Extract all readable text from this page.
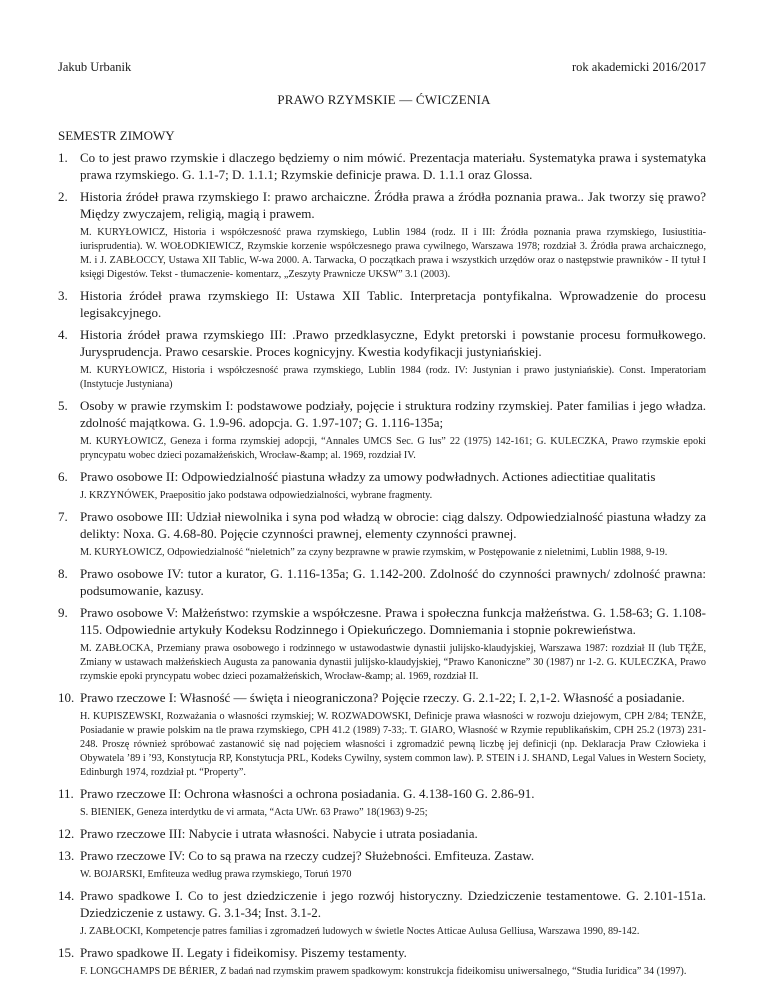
Jakub Urbanik	rok akademicki 2016/2017
PRAWO RZYMSKIE — ĆWICZENIA
SEMESTR ZIMOWY
1. Co to jest prawo rzymskie i dlaczego będziemy o nim mówić. Prezentacja materiału. Systematyka prawa i systematyka prawa rzymskiego. G. 1.1-7; D. 1.1.1; Rzymskie definicje prawa. D. 1.1.1 oraz Glossa.
2. Historia źródeł prawa rzymskiego I: prawo archaiczne. Źródła prawa a źródła poznania prawa.. Jak tworzy się prawo? Między zwyczajem, religią, magią i prawem.
M. KURYŁOWICZ, Historia i współczesność prawa rzymskiego, Lublin 1984 (rodz. II i III: Źródła poznania prawa rzymskiego, Iusiustitia-iurisprudentia). W. WOŁODKIEWICZ, Rzymskie korzenie współczesnego prawa cywilnego, Warszawa 1978; rozdział 3. Źródła prawa archaicznego, M. i J. ZABŁOCCY, Ustawa XII Tablic, W-wa 2000. A. Tarwacka, O początkach prawa i wszystkich urzędów oraz o następstwie prawników - II tytuł I księgi Digestów. Tekst - tłumaczenie- komentarz, „Zeszyty Prawnicze UKSW” 3.1 (2003).
3. Historia źródeł prawa rzymskiego II: Ustawa XII Tablic. Interpretacja pontyfikalna. Wprowadzenie do procesu legisakcyjnego.
4. Historia źródeł prawa rzymskiego III: .Prawo przedklasyczne, Edykt pretorski i powstanie procesu formułkowego. Jurysprudencja. Prawo cesarskie. Proces kognicyjny. Kwestia kodyfikacji justyniańskiej.
M. KURYŁOWICZ, Historia i współczesność prawa rzymskiego, Lublin 1984 (rodz. IV: Justynian i prawo justyniańskie). Const. Imperatoriam (Instytucje Justyniana)
5. Osoby w prawie rzymskim I: podstawowe podziały, pojęcie i struktura rodziny rzymskiej. Pater familias i jego władza. zdolność majątkowa. G. 1.9-96. adopcja. G. 1.97-107; G. 1.116-135a;
M. KURYŁOWICZ, Geneza i forma rzymskiej adopcji, “Annales UMCS Sec. G Ius” 22 (1975) 142-161; G. KULECZKA, Prawo rzymskie epoki pryncypatu wobec dzieci pozamałżeńskich, Wrocław-&amp; al. 1969, rozdział IV.
6. Prawo osobowe II: Odpowiedzialność piastuna władzy za umowy podwładnych. Actiones adiectitiae qualitatis
J. KRZYNÓWEK, Praepositio jako podstawa odpowiedzialności, wybrane fragmenty.
7. Prawo osobowe III: Udział niewolnika i syna pod władzą w obrocie: ciąg dalszy. Odpowiedzialność piastuna władzy za delikty: Noxa. G. 4.68-80. Pojęcie czynności prawnej, elementy czynności prawnej.
M. KURYŁOWICZ, Odpowiedzialność “nieletnich” za czyny bezprawne w prawie rzymskim, w Postępowanie z nieletnimi, Lublin 1988, 9-19.
8. Prawo osobowe IV: tutor a kurator, G. 1.116-135a; G. 1.142-200. Zdolność do czynności prawnych/ zdolność prawna: podsumowanie, kazusy.
9. Prawo osobowe V: Małżeństwo: rzymskie a współczesne. Prawa i społeczna funkcja małżeństwa. G. 1.58-63; G. 1.108-115. Odpowiednie artykuły Kodeksu Rodzinnego i Opiekuńczego. Domniemania i stopnie pokrewieństwa.
M. ZABŁOCKA, Przemiany prawa osobowego i rodzinnego w ustawodastwie dynastii julijsko-klaudyjskiej, Warszawa 1987: rozdział II (lub TĘŻE, Zmiany w ustawach małżeńskiech Augusta za panowania dynastii julijsko-klaudyjskiej, “Prawo Kanoniczne” 30 (1987) nr 1-2. G. KULECZKA, Prawo rzymskie epoki pryncypatu wobec dzieci pozamałżeńskich, Wrocław-&amp; al. 1969, rozdział II.
10. Prawo rzeczowe I: Własność — święta i nieograniczona? Pojęcie rzeczy. G. 2.1-22; I. 2,1-2. Własność a posiadanie.
H. KUPISZEWSKI, Rozważania o własności rzymskiej; W. ROZWADOWSKI, Definicje prawa własności w rozwoju dziejowym, CPH 2/84; TENŻE, Posiadanie w prawie polskim na tle prawa rzymskiego, CPH 41.2 (1989) 7-33;. T. GIARO, Własność w Rzymie republikańskim, CPH 25.2 (1973) 231-248. Proszę również spróbować zastanowić się nad pojęciem własności i zgromadzić pewną liczbę jej definicji (np. Deklaracja Praw Człowieka i Obywatela ’89 i ’93, Konstytucja RP, Konstytucja PRL, Kodeks Cywilny, system common law). P. STEIN i J. SHAND, Legal Values in Western Society, Edinburgh 1974, rozdział pt. “Property”.
11. Prawo rzeczowe II: Ochrona własności a ochrona posiadania. G. 4.138-160 G. 2.86-91.
S. BIENIEK, Geneza interdytku de vi armata, “Acta UWr. 63 Prawo” 18(1963) 9-25;
12. Prawo rzeczowe III: Nabycie i utrata własności. Nabycie i utrata posiadania.
13. Prawo rzeczowe IV: Co to są prawa na rzeczy cudzej? Służebności. Emfiteuza. Zastaw.
W. BOJARSKI, Emfiteuza według prawa rzymskiego, Toruń 1970
14. Prawo spadkowe I. Co to jest dziedziczenie i jego rozwój historyczny. Dziedziczenie testamentowe. G. 2.101-151a. Dziedziczenie z ustawy. G. 3.1-34; Inst. 3.1-2.
J. ZABŁOCKI, Kompetencje patres familias i zgromadzeń ludowych w świetle Noctes Atticae Aulusa Gelliusa, Warszawa 1990, 89-142.
15. Prawo spadkowe II. Legaty i fideikomisy. Piszemy testamenty.
F. LONGCHAMPS DE BÉRIER, Z badań nad rzymskim prawem spadkowym: konstrukcja fideikomisu uniwersalnego, “Studia Iuridica” 34 (1997).
